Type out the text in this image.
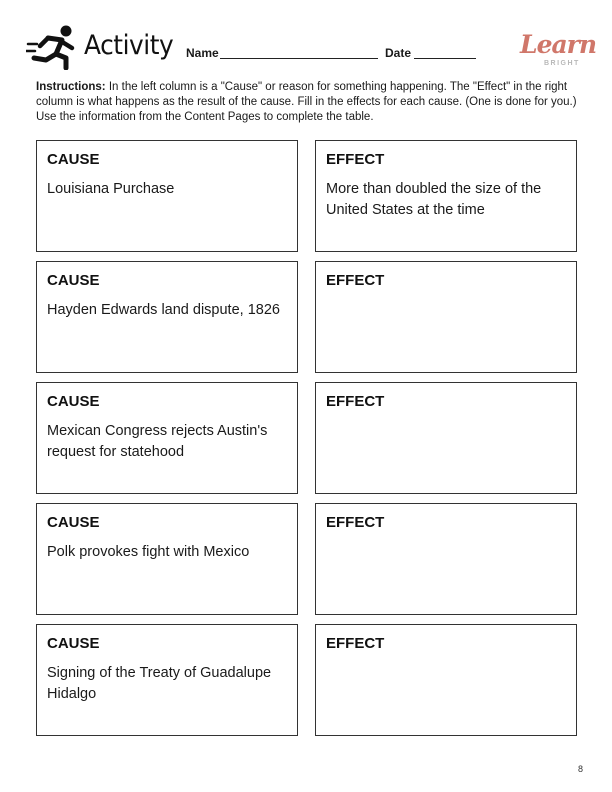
Activity Name	Date	Learn
BRIGHT
Instructions: In the left column is a "Cause" or reason for something happening. The "Effect" in the right column is what happens as the result of the cause. Fill in the effects for each cause. (One is done for you.) Use the information from the Content Pages to complete the table.
CAUSE
Louisiana Purchase
EFFECT
More than doubled the size of the United States at the time
CAUSE
Hayden Edwards land dispute, 1826
EFFECT
CAUSE
Mexican Congress rejects Austin's request for statehood
EFFECT
CAUSE
Polk provokes fight with Mexico
EFFECT
CAUSE
Signing of the Treaty of Guadalupe Hidalgo
EFFECT
8
